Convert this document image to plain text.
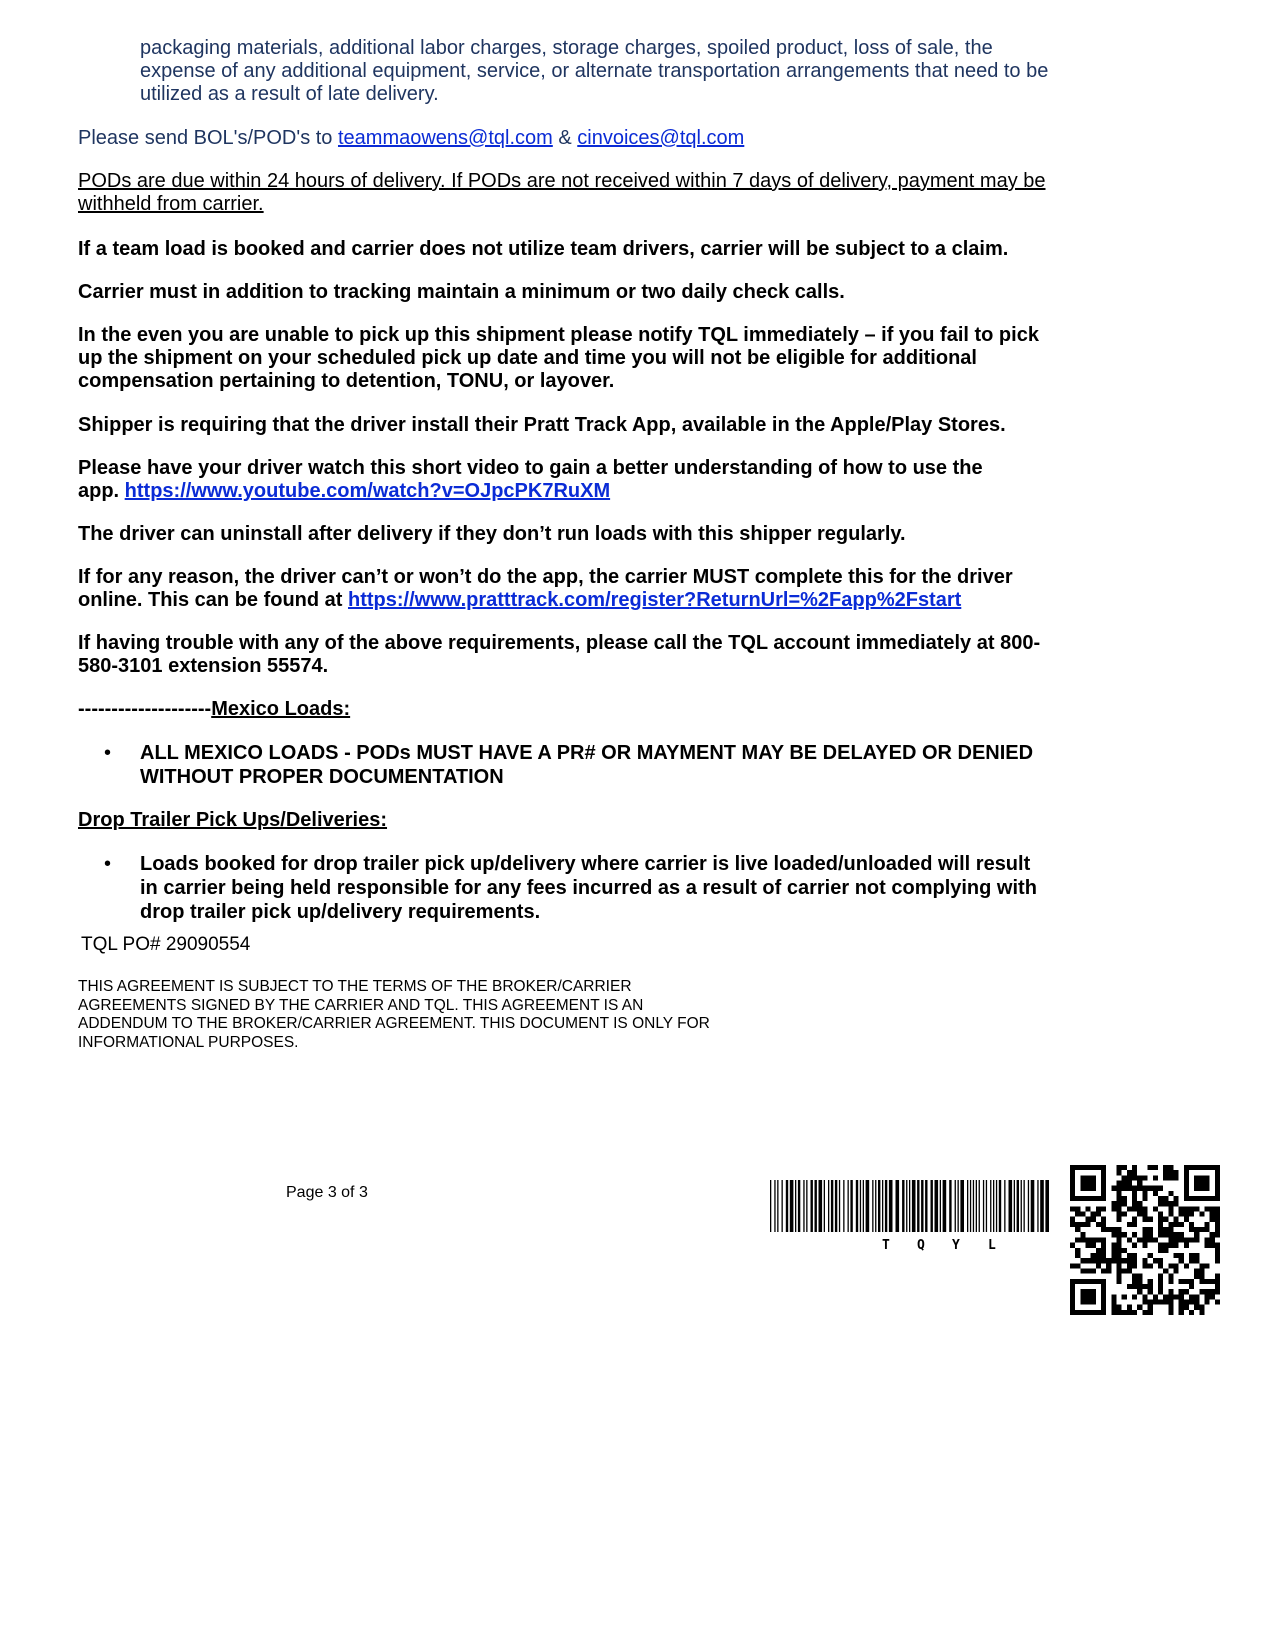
packaging materials, additional labor charges, storage charges, spoiled product, loss of sale, the
expense of any additional equipment, service, or alternate transportation arrangements that need to be
utilized as a result of late delivery.
Please send BOL's/POD's to teammaowens@tql.com & cinvoices@tql.com
PODs are due within 24 hours of delivery. If PODs are not received within 7 days of delivery, payment may be
withheld from carrier.
If a team load is booked and carrier does not utilize team drivers, carrier will be subject to a claim.
Carrier must in addition to tracking maintain a minimum or two daily check calls.
In the even you are unable to pick up this shipment please notify TQL immediately – if you fail to pick
up the shipment on your scheduled pick up date and time you will not be eligible for additional
compensation pertaining to detention, TONU, or layover.
Shipper is requiring that the driver install their Pratt Track App, available in the Apple/Play Stores.
Please have your driver watch this short video to gain a better understanding of how to use the
app. https://www.youtube.com/watch?v=OJpcPK7RuXM
The driver can uninstall after delivery if they don’t run loads with this shipper regularly.
If for any reason, the driver can’t or won’t do the app, the carrier MUST complete this for the driver
online. This can be found at https://www.pratttrack.com/register?ReturnUrl=%2Fapp%2Fstart
If having trouble with any of the above requirements, please call the TQL account immediately at 800-
580-3101 extension 55574.
--------------------Mexico Loads:
• ALL MEXICO LOADS - PODs MUST HAVE A PR# OR MAYMENT MAY BE DELAYED OR DENIED
WITHOUT PROPER DOCUMENTATION
Drop Trailer Pick Ups/Deliveries:
• Loads booked for drop trailer pick up/delivery where carrier is live loaded/unloaded will result
in carrier being held responsible for any fees incurred as a result of carrier not complying with
drop trailer pick up/delivery requirements.
TQL PO# 29090554
THIS AGREEMENT IS SUBJECT TO THE TERMS OF THE BROKER/CARRIER
AGREEMENTS SIGNED BY THE CARRIER AND TQL. THIS AGREEMENT IS AN
ADDENDUM TO THE BROKER/CARRIER AGREEMENT. THIS DOCUMENT IS ONLY FOR
INFORMATIONAL PURPOSES.
Page 3 of 3
T Q Y L
